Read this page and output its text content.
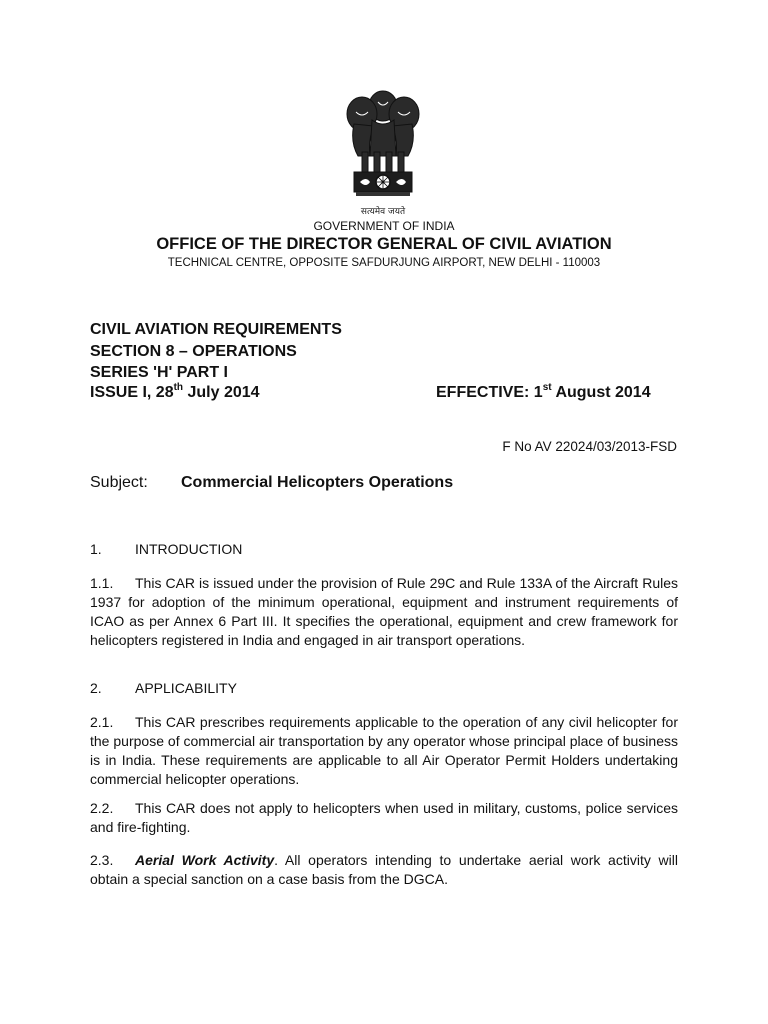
सत्यमेव जयते
GOVERNMENT OF INDIA
OFFICE OF THE DIRECTOR GENERAL OF CIVIL AVIATION
TECHNICAL CENTRE, OPPOSITE SAFDURJUNG AIRPORT, NEW DELHI - 110003
CIVIL AVIATION REQUIREMENTS
SECTION 8 – OPERATIONS
SERIES 'H' PART I
ISSUE I, 28th July 2014	EFFECTIVE: 1st August 2014
F No AV 22024/03/2013-FSD
Subject: Commercial Helicopters Operations
1. INTRODUCTION

1.1. This CAR is issued under the provision of Rule 29C and Rule 133A of the Aircraft Rules 1937 for adoption of the minimum operational, equipment and instrument requirements of ICAO as per Annex 6 Part III. It specifies the operational, equipment and crew framework for helicopters registered in India and engaged in air transport operations.

2. APPLICABILITY

2.1. This CAR prescribes requirements applicable to the operation of any civil helicopter for the purpose of commercial air transportation by any operator whose principal place of business is in India. These requirements are applicable to all Air Operator Permit Holders undertaking commercial helicopter operations.

2.2. This CAR does not apply to helicopters when used in military, customs, police services and fire-fighting.

2.3. Aerial Work Activity. All operators intending to undertake aerial work activity will obtain a special sanction on a case basis from the DGCA.
